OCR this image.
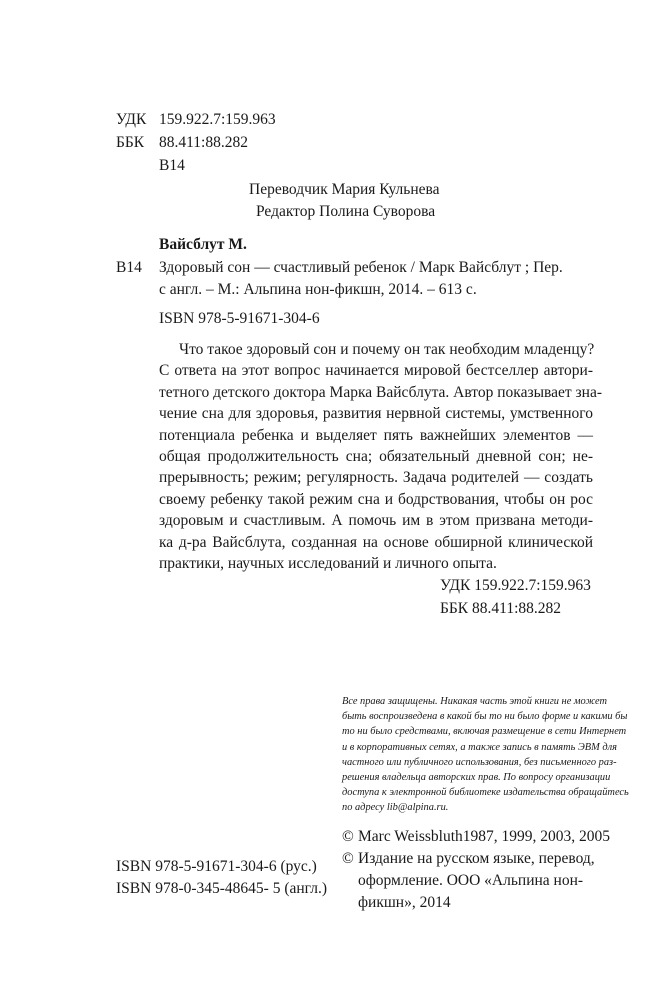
УДК 159.922.7:159.963
ББК 88.411:88.282
В14
Переводчик Мария Кульнева
Редактор Полина Суворова
Вайсблут М.
В14 Здоровый сон — счастливый ребенок / Марк Вайсблут ; Пер.
с англ. – М.: Альпина нон-фикшн, 2014. – 613 с.
ISBN 978-5-91671-304-6
Что такое здоровый сон и почему он так необходим младенцу?
С ответа на этот вопрос начинается мировой бестселлер автори-
тетного детского доктора Марка Вайсблута. Автор показывает зна-
чение сна для здоровья, развития нервной системы, умственного
потенциала ребенка и выделяет пять важнейших элементов —
общая продолжительность сна; обязательный дневной сон; не-
прерывность; режим; регулярность. Задача родителей — создать
своему ребенку такой режим сна и бодрствования, чтобы он рос
здоровым и счастливым. А помочь им в этом призвана методи-
ка д-ра Вайсблута, созданная на основе обширной клинической
практики, научных исследований и личного опыта.
УДК 159.922.7:159.963
ББК 88.411:88.282
Все права защищены. Никакая часть этой книги не может
быть воспроизведена в какой бы то ни было форме и какими бы
то ни было средствами, включая размещение в сети Интернет
и в корпоративных сетях, а также запись в память ЭВМ для
частного или публичного использования, без письменного раз-
решения владельца авторских прав. По вопросу организации
доступа к электронной библиотеке издательства обращайтесь
по адресу lib@alpina.ru.
© Marc Weissbluth1987, 1999, 2003, 2005
© Издание на русском языке, перевод,
оформление. ООО «Альпина нон-
фикшн», 2014
ISBN 978-5-91671-304-6 (рус.)
ISBN 978-0-345-48645- 5 (англ.)
